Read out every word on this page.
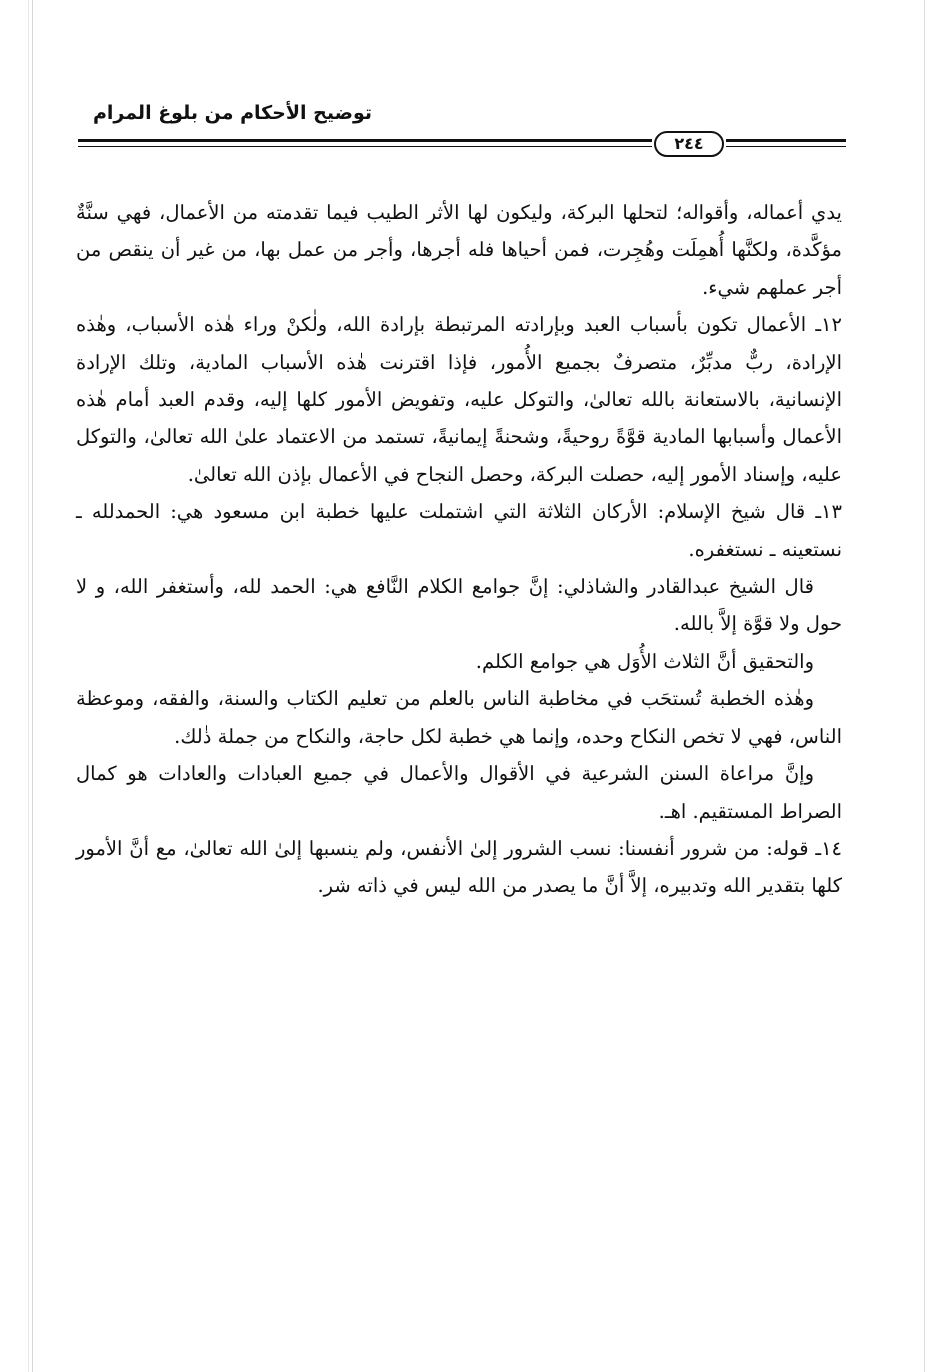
توضيح الأحكام من بلوغ المرام
٢٤٤

يدي أعماله، وأقواله؛ لتحلها البركة، وليكون لها الأثر الطيب فيما تقدمته من الأعمال، فهي سنَّةٌ مؤكَّدة، ولكنَّها أُهمِلَت وهُجِرت، فمن أحياها فله أجرها، وأجر من عمل بها، من غير أن ينقص من أجر عملهم شيء.

١٢ـ الأعمال تكون بأسباب العبد وبإرادته المرتبطة بإرادة الله، ولٰكنْ وراء هٰذه الأسباب، وهٰذه الإرادة، ربٌّ مدبِّرٌ، متصرفٌ بجميع الأُمور، فإذا اقترنت هٰذه الأسباب المادية، وتلك الإرادة الإنسانية، بالاستعانة بالله تعالىٰ، والتوكل عليه، وتفويض الأمور كلها إليه، وقدم العبد أمام هٰذه الأعمال وأسبابها المادية قوَّةً روحيةً، وشحنةً إيمانيةً، تستمد من الاعتماد علىٰ الله تعالىٰ، والتوكل عليه، وإسناد الأمور إليه، حصلت البركة، وحصل النجاح في الأعمال بإذن الله تعالىٰ.

١٣ـ قال شيخ الإسلام: الأركان الثلاثة التي اشتملت عليها خطبة ابن مسعود هي: الحمدلله ـ نستعينه ـ نستغفره.

قال الشيخ عبدالقادر والشاذلي: إنَّ جوامع الكلام النَّافع هي: الحمد لله، وأستغفر الله، و لا حول ولا قوَّة إلاَّ بالله.

والتحقيق أنَّ الثلاث الأُوَل هي جوامع الكلم.

وهٰذه الخطبة تُستحَب في مخاطبة الناس بالعلم من تعليم الكتاب والسنة، والفقه، وموعظة الناس، فهي لا تخص النكاح وحده، وإنما هي خطبة لكل حاجة، والنكاح من جملة ذٰلك.

وإنَّ مراعاة السنن الشرعية في الأقوال والأعمال في جميع العبادات والعادات هو كمال الصراط المستقيم. اهـ.

١٤ـ قوله: من شرور أنفسنا: نسب الشرور إلىٰ الأنفس، ولم ينسبها إلىٰ الله تعالىٰ، مع أنَّ الأمور كلها بتقدير الله وتدبيره، إلاَّ أنَّ ما يصدر من الله ليس في ذاته شر.
